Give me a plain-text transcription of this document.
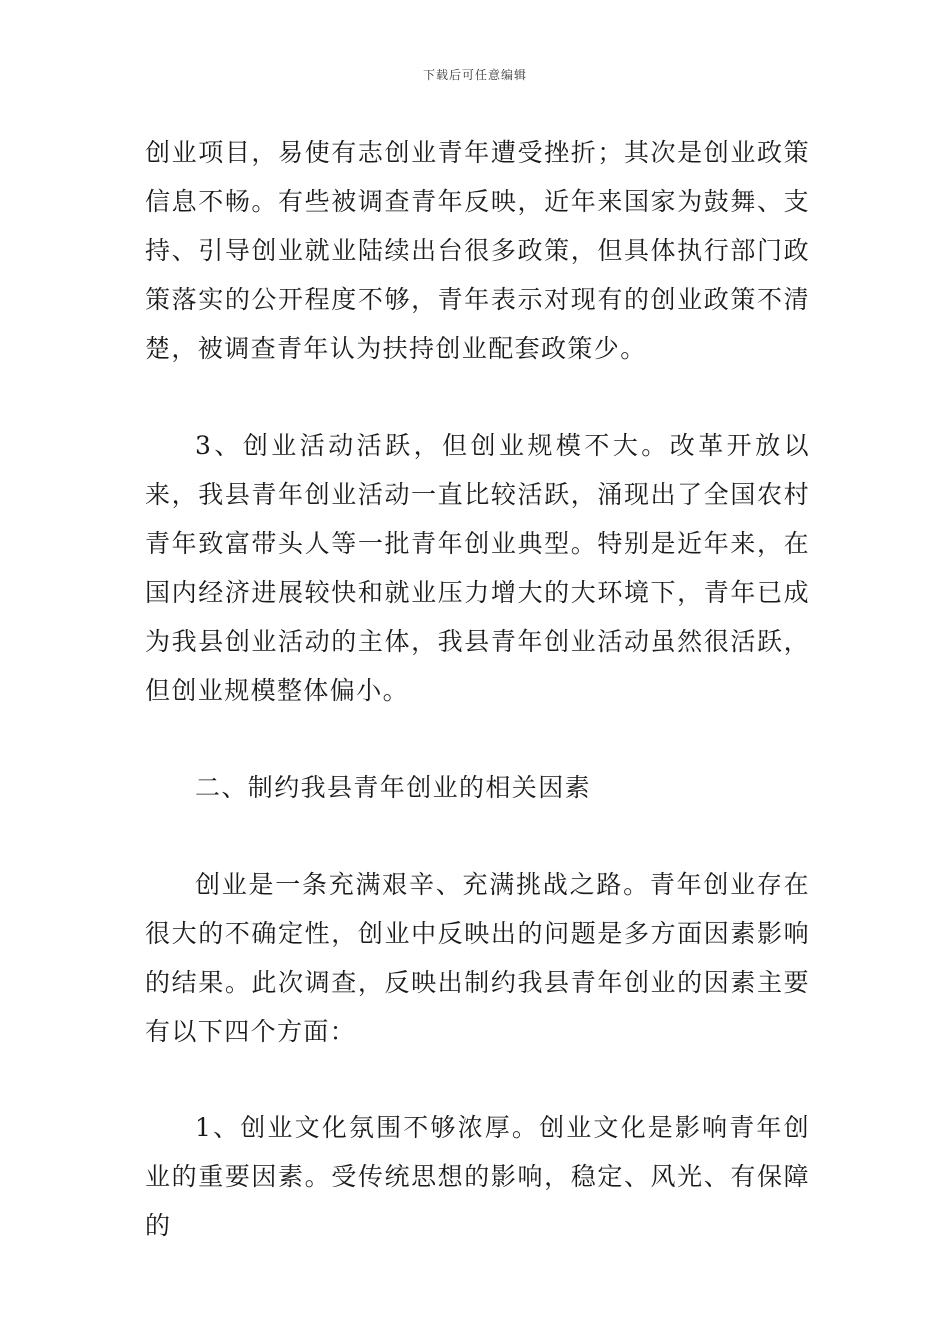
下载后可任意编辑

创业项目，易使有志创业青年遭受挫折；其次是创业政策信息不畅。有些被调查青年反映，近年来国家为鼓舞、支持、引导创业就业陆续出台很多政策，但具体执行部门政策落实的公开程度不够，青年表示对现有的创业政策不清楚，被调查青年认为扶持创业配套政策少。

3、创业活动活跃，但创业规模不大。改革开放以来，我县青年创业活动一直比较活跃，涌现出了全国农村青年致富带头人等一批青年创业典型。特别是近年来，在国内经济进展较快和就业压力增大的大环境下，青年已成为我县创业活动的主体，我县青年创业活动虽然很活跃，但创业规模整体偏小。

二、制约我县青年创业的相关因素

创业是一条充满艰辛、充满挑战之路。青年创业存在很大的不确定性，创业中反映出的问题是多方面因素影响的结果。此次调查，反映出制约我县青年创业的因素主要有以下四个方面：

1、创业文化氛围不够浓厚。创业文化是影响青年创业的重要因素。受传统思想的影响，稳定、风光、有保障的
